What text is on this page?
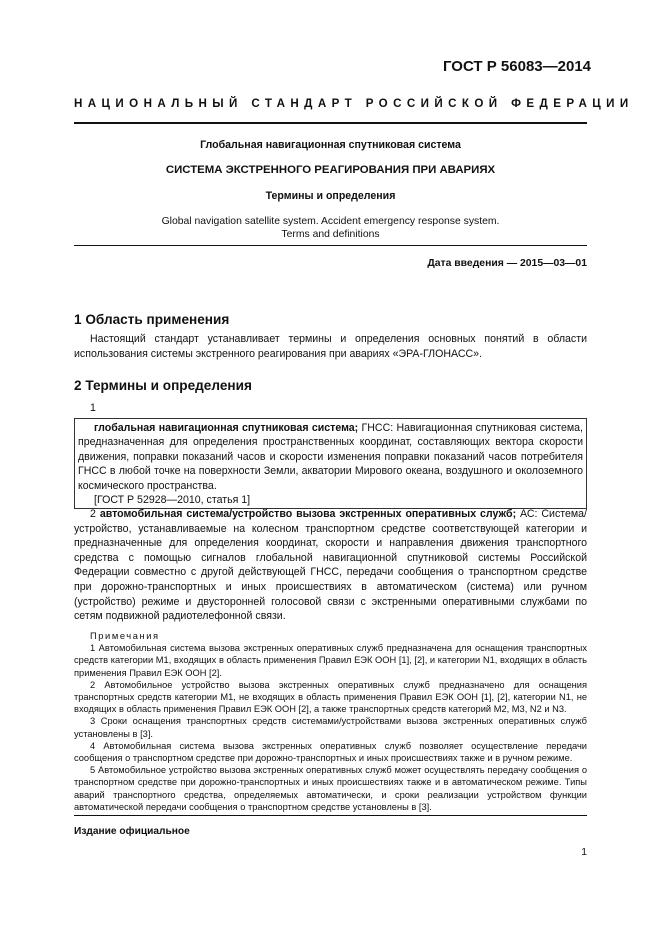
ГОСТ Р 56083—2014
НАЦИОНАЛЬНЫЙ СТАНДАРТ РОССИЙСКОЙ ФЕДЕРАЦИИ
Глобальная навигационная спутниковая система
СИСТЕМА ЭКСТРЕННОГО РЕАГИРОВАНИЯ ПРИ АВАРИЯХ
Термины и определения
Global navigation satellite system. Accident emergency response system.
Terms and definitions
Дата введения — 2015—03—01
1 Область применения
Настоящий стандарт устанавливает термины и определения основных понятий в области использования системы экстренного реагирования при авариях «ЭРА-ГЛОНАСС».
2 Термины и определения
1

глобальная навигационная спутниковая система; ГНСС: Навигационная спутниковая система, предназначенная для определения пространственных координат, составляющих вектора скорости движения, поправки показаний часов и скорости изменения поправки показаний часов потребителя ГНСС в любой точке на поверхности Земли, акватории Мирового океана, воздушного и околоземного космического пространства.

[ГОСТ Р 52928—2010, статья 1]

2 автомобильная система/устройство вызова экстренных оперативных служб; АС: Система/устройство, устанавливаемые на колесном транспортном средстве соответствующей категории и предназначенные для определения координат, скорости и направления движения транспортного средства с помощью сигналов глобальной навигационной спутниковой системы Российской Федерации совместно с другой действующей ГНСС, передачи сообщения о транспортном средстве при дорожно-транспортных и иных происшествиях в автоматическом (система) или ручном (устройство) режиме и двусторонней голосовой связи с экстренными оперативными службами по сетям подвижной радиотелефонной связи.

Примечания

1 Автомобильная система вызова экстренных оперативных служб предназначена для оснащения транспортных средств категории М1, входящих в область применения Правил ЕЭК ООН [1], [2], и категории N1, входящих в область применения Правил ЕЭК ООН [2].

2 Автомобильное устройство вызова экстренных оперативных служб предназначено для оснащения транспортных средств категории М1, не входящих в область применения Правил ЕЭК ООН [1], [2], категории N1, не входящих в область применения Правил ЕЭК ООН [2], а также транспортных средств категорий М2, М3, N2 и N3.

3 Сроки оснащения транспортных средств системами/устройствами вызова экстренных оперативных служб установлены в [3].

4 Автомобильная система вызова экстренных оперативных служб позволяет осуществление передачи сообщения о транспортном средстве при дорожно-транспортных и иных происшествиях также и в ручном режиме.

5 Автомобильное устройство вызова экстренных оперативных служб может осуществлять передачу сообщения о транспортном средстве при дорожно-транспортных и иных происшествиях также и в автоматическом режиме. Типы аварий транспортного средства, определяемых автоматически, и сроки реализации устройством функции автоматической передачи сообщения о транспортном средстве установлены в [3].

Издание официальное
1
